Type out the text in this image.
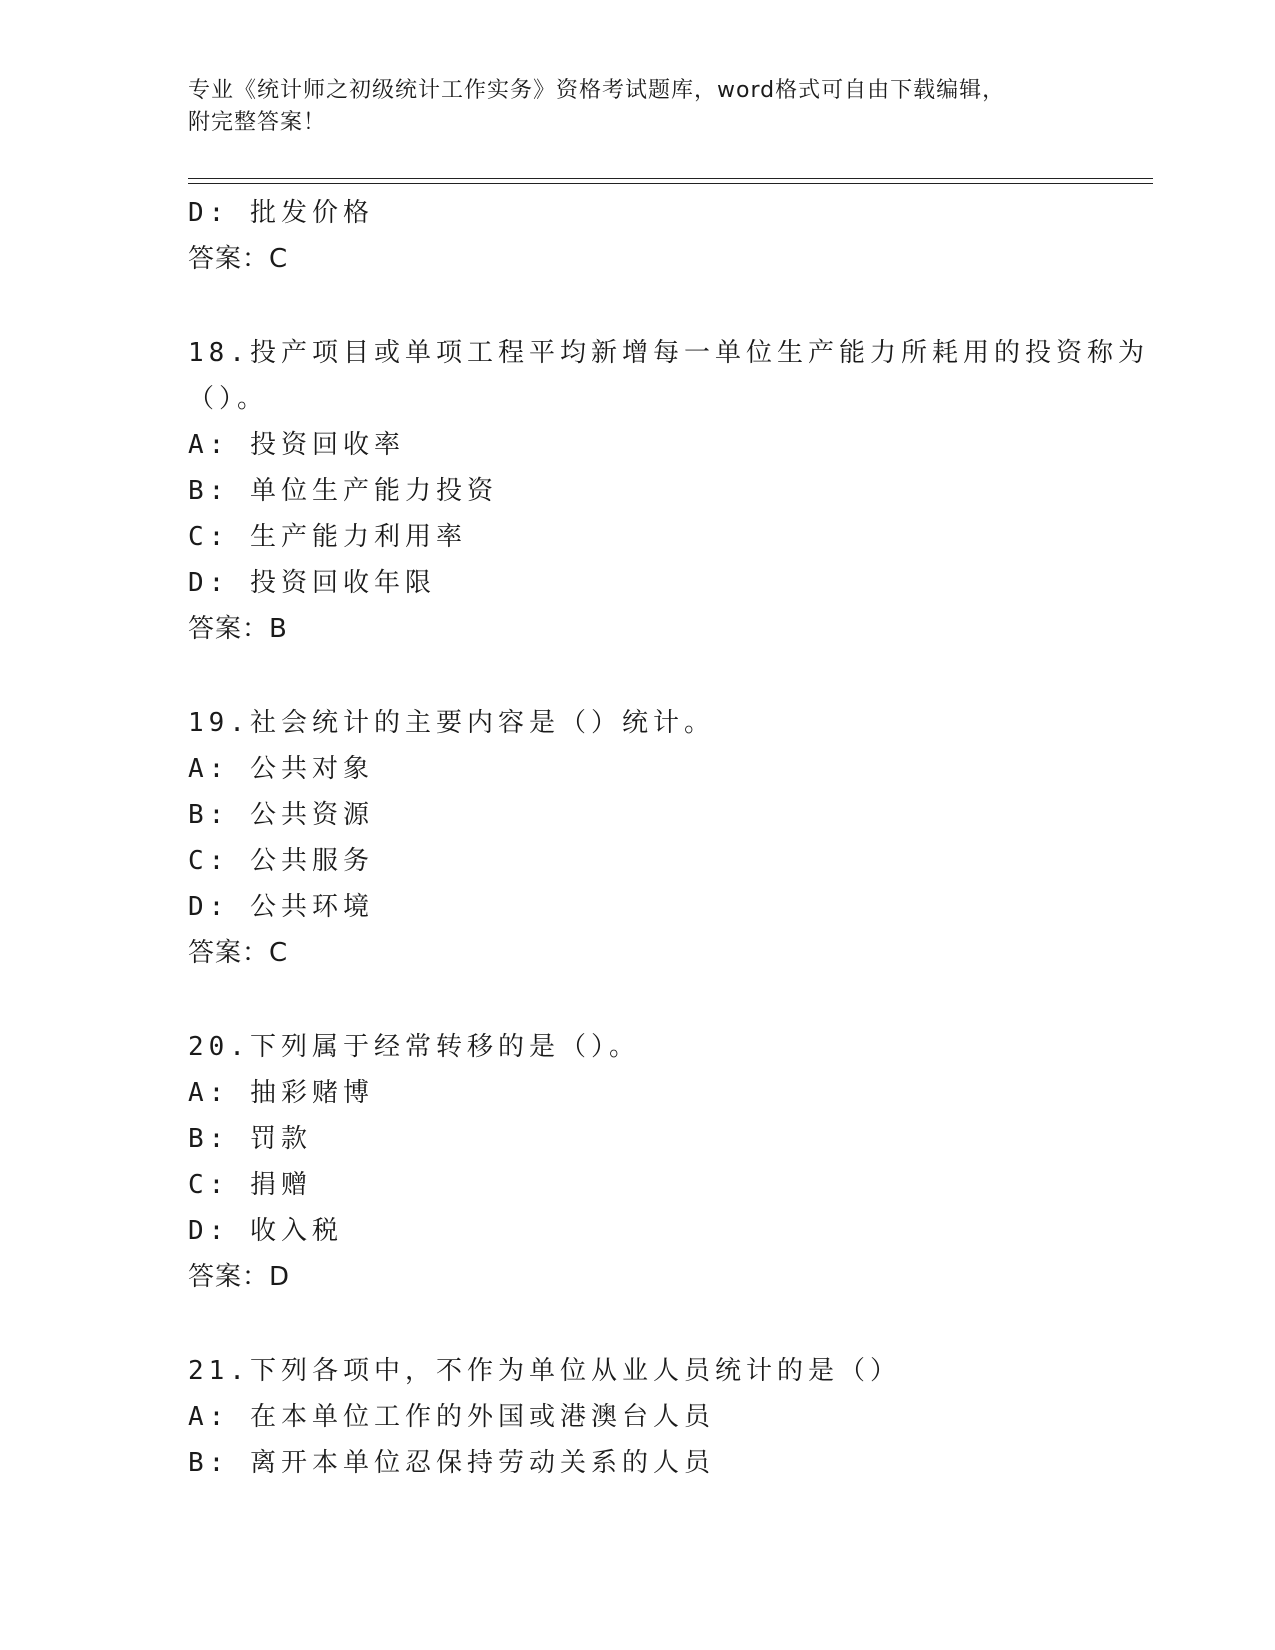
专业《统计师之初级统计工作实务》资格考试题库，word格式可自由下载编辑，
附完整答案！
D: 批发价格
答案：C
18.投产项目或单项工程平均新增每一单位生产能力所耗用的投资称为
（）。
A: 投资回收率
B: 单位生产能力投资
C: 生产能力利用率
D: 投资回收年限
答案：B
19.社会统计的主要内容是（）统计。
A: 公共对象
B: 公共资源
C: 公共服务
D: 公共环境
答案：C
20.下列属于经常转移的是（）。
A: 抽彩赌博
B: 罚款
C: 捐赠
D: 收入税
答案：D
21.下列各项中，不作为单位从业人员统计的是（）
A: 在本单位工作的外国或港澳台人员
B: 离开本单位忍保持劳动关系的人员
